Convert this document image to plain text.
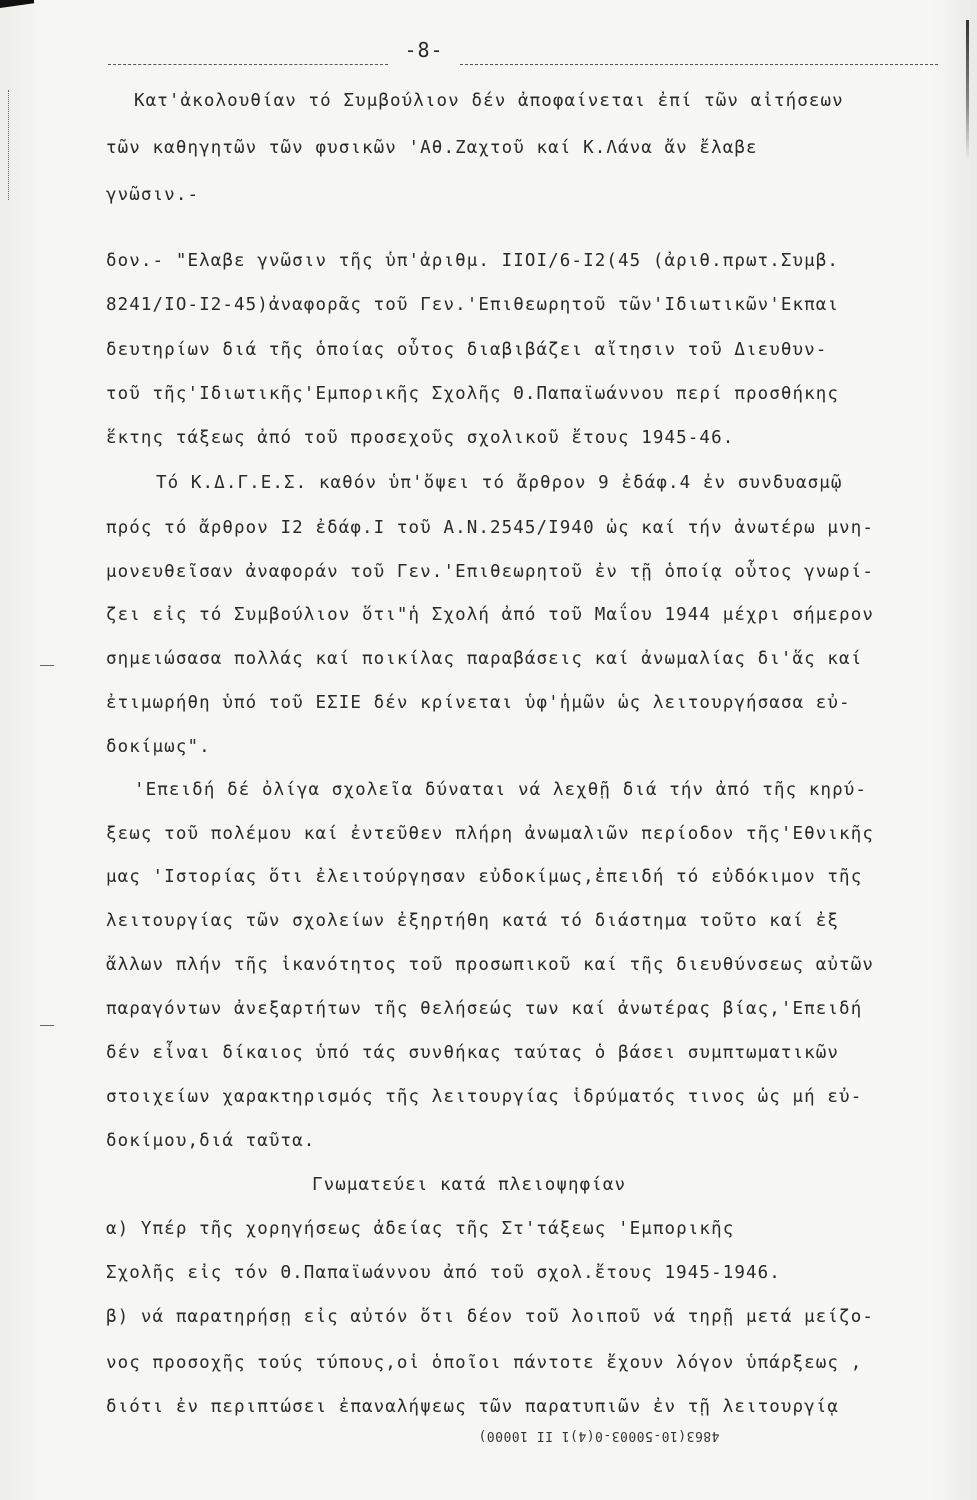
-8-
Κατ'ἀκολουθίαν τό Συμβούλιον δέν ἀποφαίνεται ἐπί τῶν αἰτήσεων
τῶν καθηγητῶν τῶν φυσικῶν 'Αθ.Ζαχτοῦ καί Κ.Λάνα ἄν ἔλαβε
γνῶσιν.-
δον.- "Ελαβε γνῶσιν τῆς ὑπ'ἀριθμ. ΙΙΟΙ/6-Ι2(45 (ἀριθ.πρωτ.Συμβ.
8241/ΙΟ-Ι2-45)ἀναφορᾶς τοῦ Γεν.'Επιθεωρητοῦ τῶν'Ιδιωτικῶν'Εκπαι
δευτηρίων διά τῆς ὁποίας οὗτος διαβιβάζει αἴτησιν τοῦ Διευθυν-
τοῦ τῆς'Ιδιωτικῆς'Εμπορικῆς Σχολῆς Θ.Παπαϊωάννου περί προσθήκης
ἕκτης τάξεως ἀπό τοῦ προσεχοῦς σχολικοῦ ἔτους 1945-46.
Τό Κ.Δ.Γ.Ε.Σ. καθόν ὑπ'ὄψει τό ἄρθρον 9 ἐδάφ.4 ἐν συνδυασμῷ
πρός τό ἄρθρον Ι2 ἐδάφ.Ι τοῦ Α.Ν.2545/Ι940 ὡς καί τήν ἀνωτέρω μνη-
μονευθεῖσαν ἀναφοράν τοῦ Γεν.'Επιθεωρητοῦ ἐν τῇ ὁποίᾳ οὗτος γνωρί-
ζει εἰς τό Συμβούλιον ὅτι"ἡ Σχολή ἀπό τοῦ Μαΐου 1944 μέχρι σήμερον
σημειώσασα πολλάς καί ποικίλας παραβάσεις καί ἀνωμαλίας δι'ἅς καί
ἐτιμωρήθη ὑπό τοῦ ΕΣΙΕ δέν κρίνεται ὑφ'ἡμῶν ὡς λειτουργήσασα εὐ-
δοκίμως".
'Επειδή δέ ὀλίγα σχολεῖα δύναται νά λεχθῇ διά τήν ἀπό τῆς κηρύ-
ξεως τοῦ πολέμου καί ἐντεῦθεν πλήρη ἀνωμαλιῶν περίοδον τῆς'Εθνικῆς
μας 'Ιστορίας ὅτι ἐλειτούργησαν εὐδοκίμως,ἐπειδή τό εὐδόκιμον τῆς
λειτουργίας τῶν σχολείων ἐξηρτήθη κατά τό διάστημα τοῦτο καί ἐξ
ἄλλων πλήν τῆς ἱκανότητος τοῦ προσωπικοῦ καί τῆς διευθύνσεως αὐτῶν
παραγόντων ἀνεξαρτήτων τῆς θελήσεώς των καί ἀνωτέρας βίας,'Επειδή
δέν εἶναι δίκαιος ὑπό τάς συνθήκας ταύτας ὁ βάσει συμπτωματικῶν
στοιχείων χαρακτηρισμός τῆς λειτουργίας ἱδρύματός τινος ὡς μή εὐ-
δοκίμου,διά ταῦτα.
Γνωματεύει κατά πλειοψηφίαν
α) Υπέρ τῆς χορηγήσεως ἀδείας τῆς Στ'τάξεως 'Εμπορικῆς
Σχολῆς εἰς τόν Θ.Παπαϊωάννου ἀπό τοῦ σχολ.ἔτους 1945-1946.
β) νά παρατηρήσῃ εἰς αὐτόν ὅτι δέον τοῦ λοιποῦ νά τηρῇ μετά μείζο-
νος προσοχῆς τούς τύπους,οἱ ὁποῖοι πάντοτε ἔχουν λόγον ὑπάρξεως ,
διότι ἐν περιπτώσει ἐπαναλήψεως τῶν παρατυπιῶν ἐν τῇ λειτουργίᾳ
4863(10-50003-0(4)1 II 10000)
